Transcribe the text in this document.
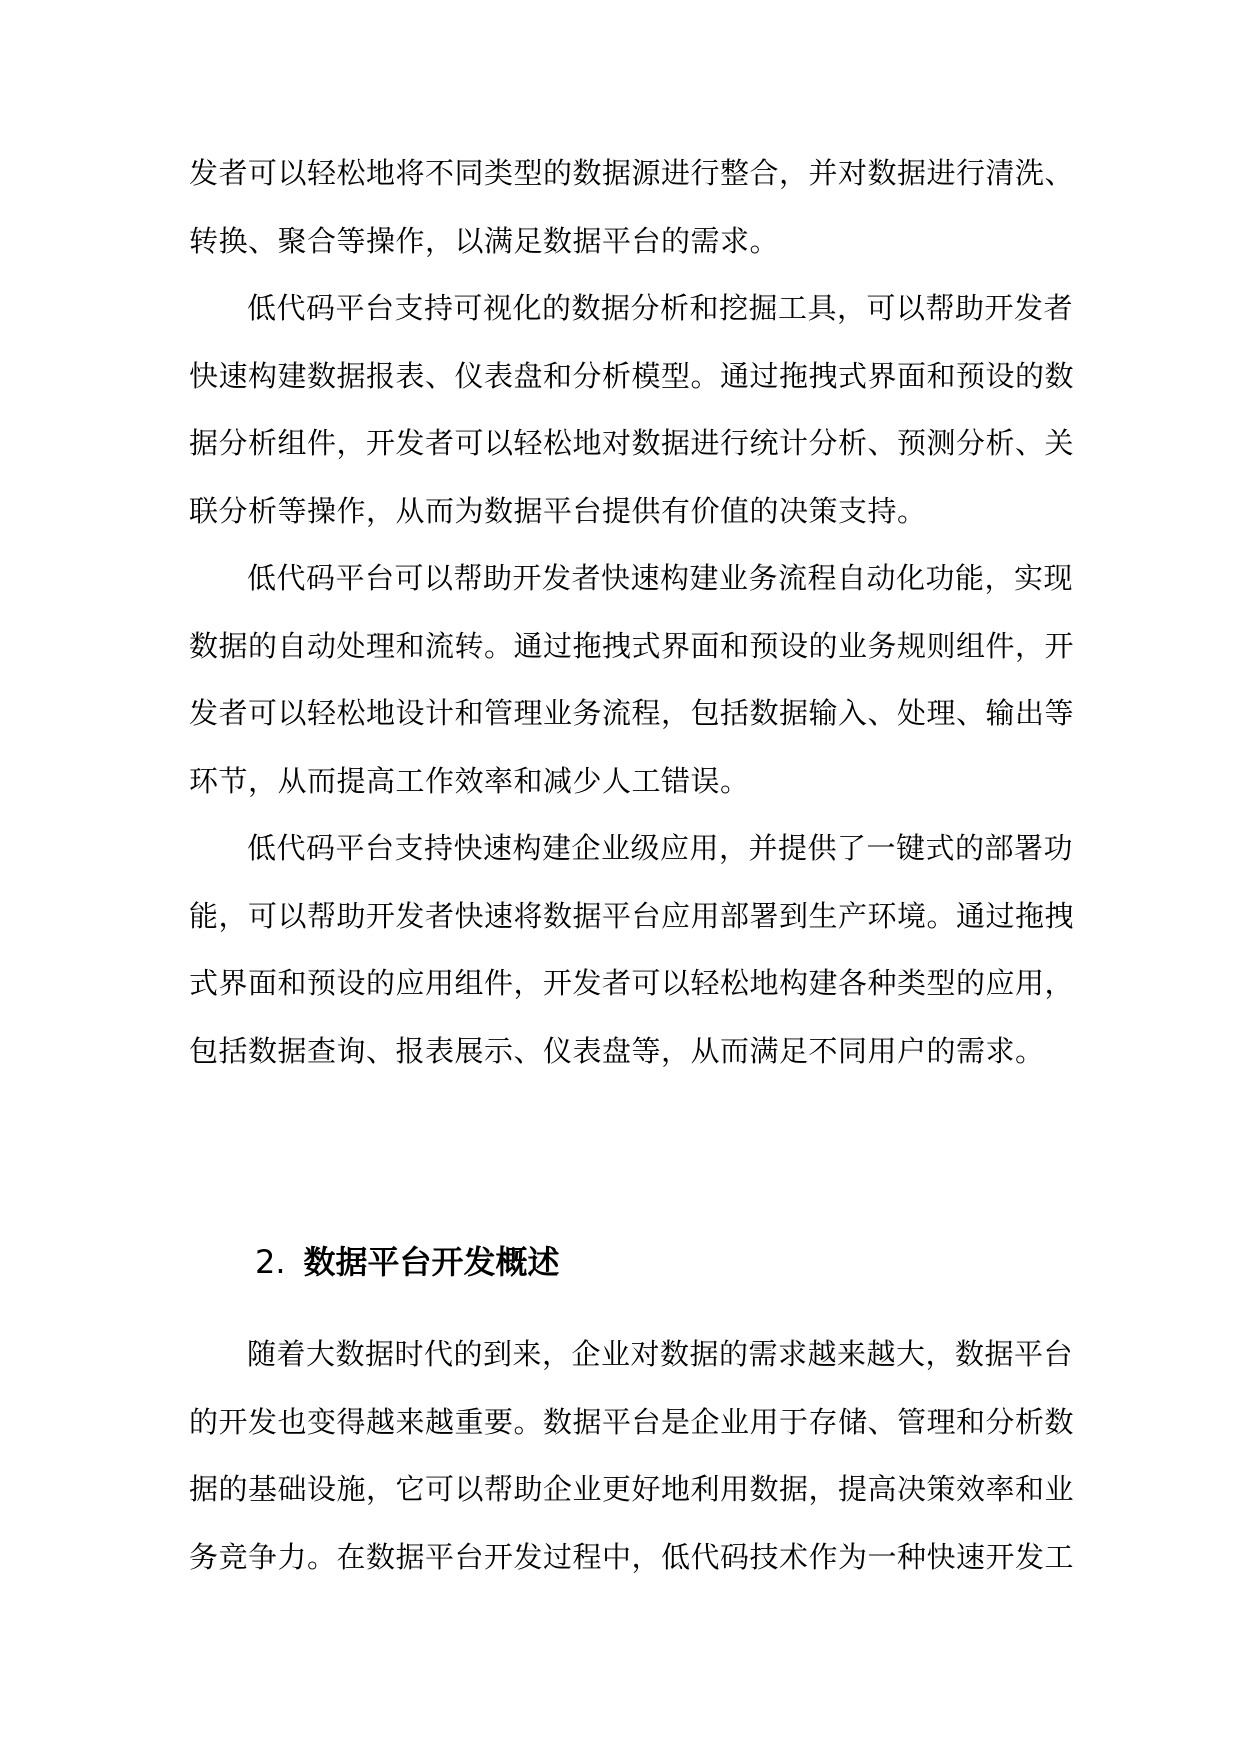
发者可以轻松地将不同类型的数据源进行整合，并对数据进行清洗、
转换、聚合等操作，以满足数据平台的需求。
低代码平台支持可视化的数据分析和挖掘工具，可以帮助开发者
快速构建数据报表、仪表盘和分析模型。通过拖拽式界面和预设的数
据分析组件，开发者可以轻松地对数据进行统计分析、预测分析、关
联分析等操作，从而为数据平台提供有价值的决策支持。
低代码平台可以帮助开发者快速构建业务流程自动化功能，实现
数据的自动处理和流转。通过拖拽式界面和预设的业务规则组件，开
发者可以轻松地设计和管理业务流程，包括数据输入、处理、输出等
环节，从而提高工作效率和减少人工错误。
低代码平台支持快速构建企业级应用，并提供了一键式的部署功
能，可以帮助开发者快速将数据平台应用部署到生产环境。通过拖拽
式界面和预设的应用组件，开发者可以轻松地构建各种类型的应用，
包括数据查询、报表展示、仪表盘等，从而满足不同用户的需求。
2. 数据平台开发概述
随着大数据时代的到来，企业对数据的需求越来越大，数据平台
的开发也变得越来越重要。数据平台是企业用于存储、管理和分析数
据的基础设施，它可以帮助企业更好地利用数据，提高决策效率和业
务竞争力。在数据平台开发过程中，低代码技术作为一种快速开发工
